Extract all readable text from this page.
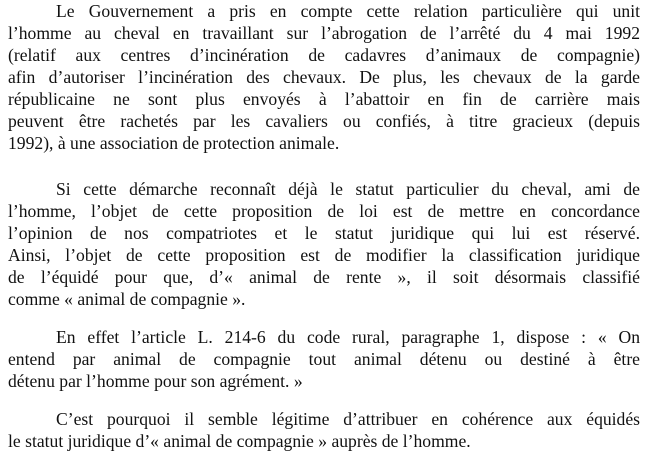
Le Gouvernement a pris en compte cette relation particulière qui unit
l’homme au cheval en travaillant sur l’abrogation de l’arrêté du 4 mai 1992
(relatif aux centres d’incinération de cadavres d’animaux de compagnie)
afin d’autoriser l’incinération des chevaux. De plus, les chevaux de la garde
républicaine ne sont plus envoyés à l’abattoir en fin de carrière mais
peuvent être rachetés par les cavaliers ou confiés, à titre gracieux (depuis
1992), à une association de protection animale.
Si cette démarche reconnaît déjà le statut particulier du cheval, ami de
l’homme, l’objet de cette proposition de loi est de mettre en concordance
l’opinion de nos compatriotes et le statut juridique qui lui est réservé.
Ainsi, l’objet de cette proposition est de modifier la classification juridique
de l’équidé pour que, d’« animal de rente », il soit désormais classifié
comme « animal de compagnie ».
En effet l’article L. 214-6 du code rural, paragraphe 1, dispose : « On
entend par animal de compagnie tout animal détenu ou destiné à être
détenu par l’homme pour son agrément. »
C’est pourquoi il semble légitime d’attribuer en cohérence aux équidés
le statut juridique d’« animal de compagnie » auprès de l’homme.
